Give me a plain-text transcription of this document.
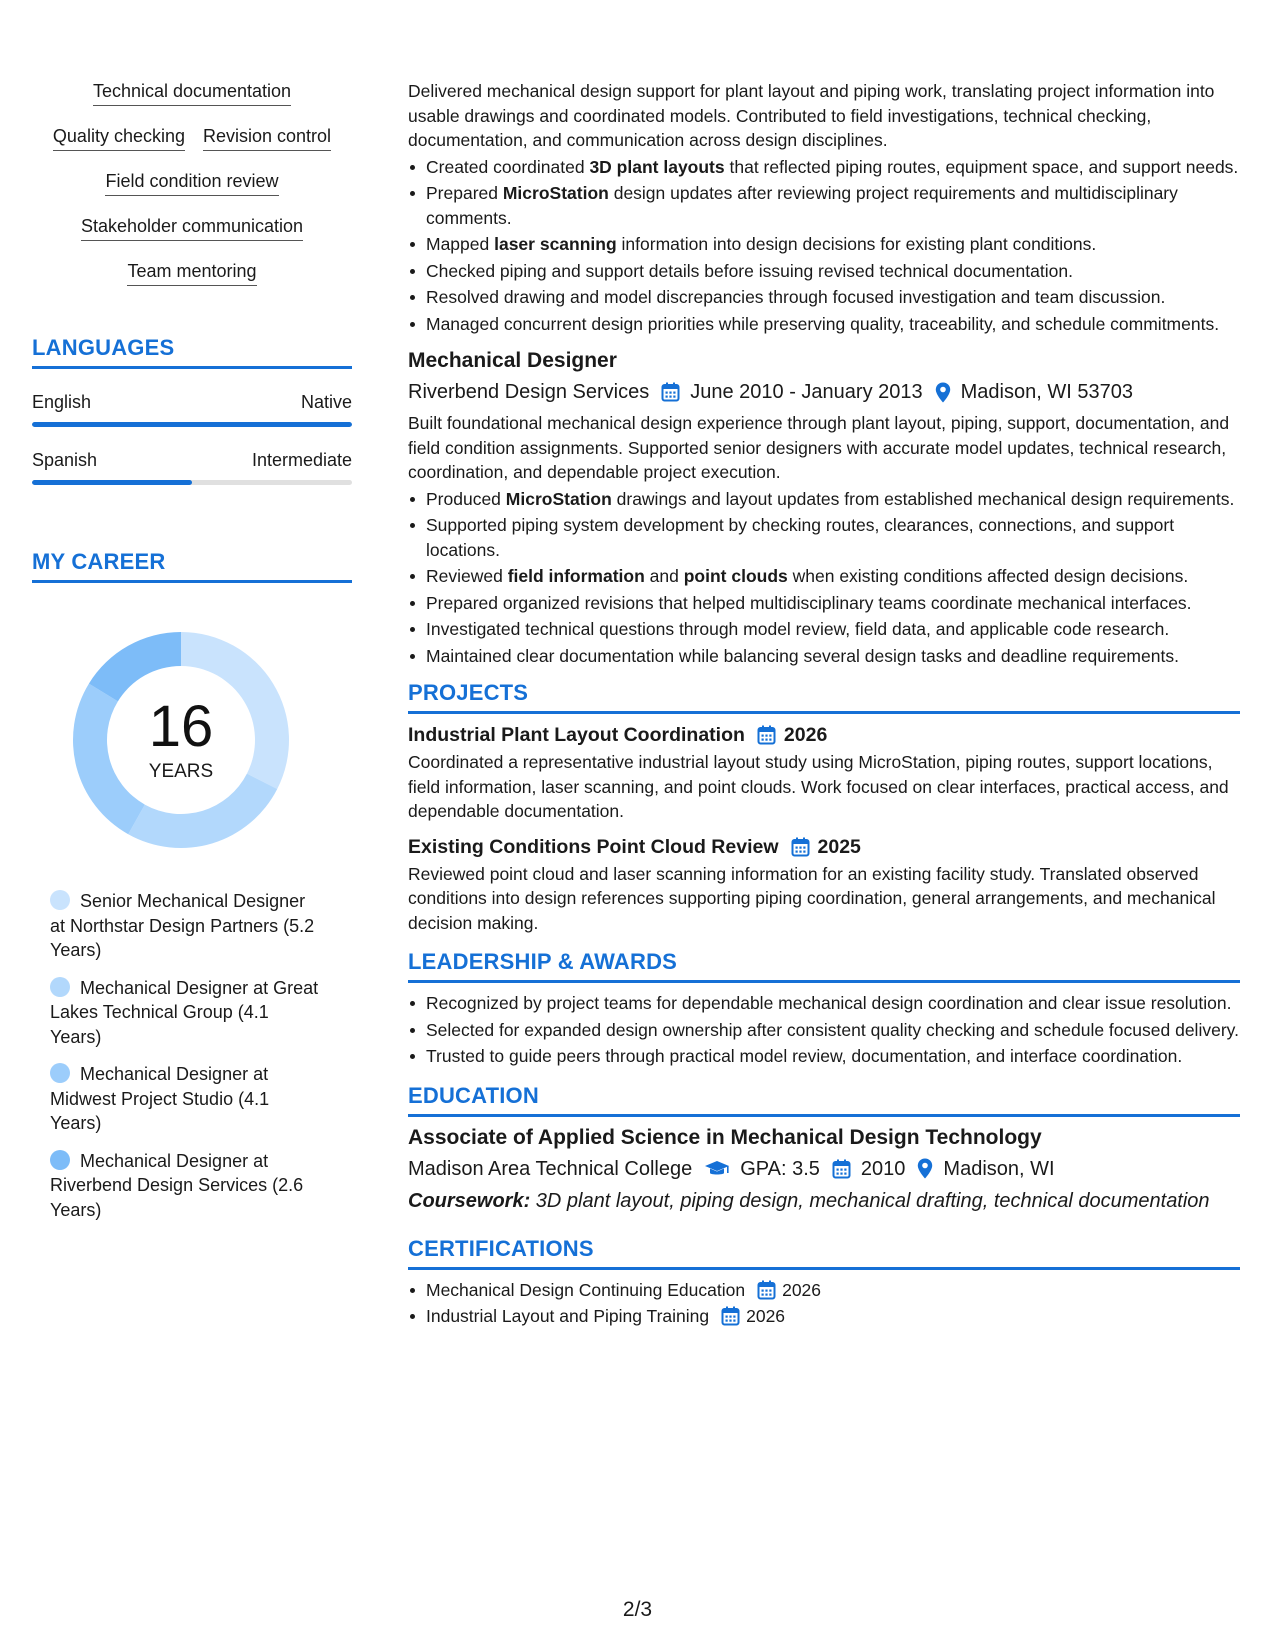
Technical documentation
Quality checking Revision control
Field condition review
Stakeholder communication
Team mentoring
LANGUAGES
English	Native
Spanish	Intermediate
MY CAREER
16
YEARS
Senior Mechanical Designer at Northstar Design Partners (5.2 Years)
Mechanical Designer at Great Lakes Technical Group (4.1 Years)
Mechanical Designer at Midwest Project Studio (4.1 Years)
Mechanical Designer at Riverbend Design Services (2.6 Years)
Delivered mechanical design support for plant layout and piping work, translating project information into usable drawings and coordinated models. Contributed to field investigations, technical checking, documentation, and communication across design disciplines.
Created coordinated 3D plant layouts that reflected piping routes, equipment space, and support needs.
Prepared MicroStation design updates after reviewing project requirements and multidisciplinary comments.
Mapped laser scanning information into design decisions for existing plant conditions.
Checked piping and support details before issuing revised technical documentation.
Resolved drawing and model discrepancies through focused investigation and team discussion.
Managed concurrent design priorities while preserving quality, traceability, and schedule commitments.
Mechanical Designer
Riverbend Design Services June 2010 - January 2013 Madison, WI 53703
Built foundational mechanical design experience through plant layout, piping, support, documentation, and field condition assignments. Supported senior designers with accurate model updates, technical research, coordination, and dependable project execution.
Produced MicroStation drawings and layout updates from established mechanical design requirements.
Supported piping system development by checking routes, clearances, connections, and support locations.
Reviewed field information and point clouds when existing conditions affected design decisions.
Prepared organized revisions that helped multidisciplinary teams coordinate mechanical interfaces.
Investigated technical questions through model review, field data, and applicable code research.
Maintained clear documentation while balancing several design tasks and deadline requirements.
PROJECTS
Industrial Plant Layout Coordination 2026
Coordinated a representative industrial layout study using MicroStation, piping routes, support locations, field information, laser scanning, and point clouds. Work focused on clear interfaces, practical access, and dependable documentation.
Existing Conditions Point Cloud Review 2025
Reviewed point cloud and laser scanning information for an existing facility study. Translated observed conditions into design references supporting piping coordination, general arrangements, and mechanical decision making.
LEADERSHIP & AWARDS
Recognized by project teams for dependable mechanical design coordination and clear issue resolution.
Selected for expanded design ownership after consistent quality checking and schedule focused delivery.
Trusted to guide peers through practical model review, documentation, and interface coordination.
EDUCATION
Associate of Applied Science in Mechanical Design Technology
Madison Area Technical College GPA: 3.5 2010 Madison, WI
Coursework: 3D plant layout, piping design, mechanical drafting, technical documentation
CERTIFICATIONS
Mechanical Design Continuing Education 2026
Industrial Layout and Piping Training 2026
2/3
